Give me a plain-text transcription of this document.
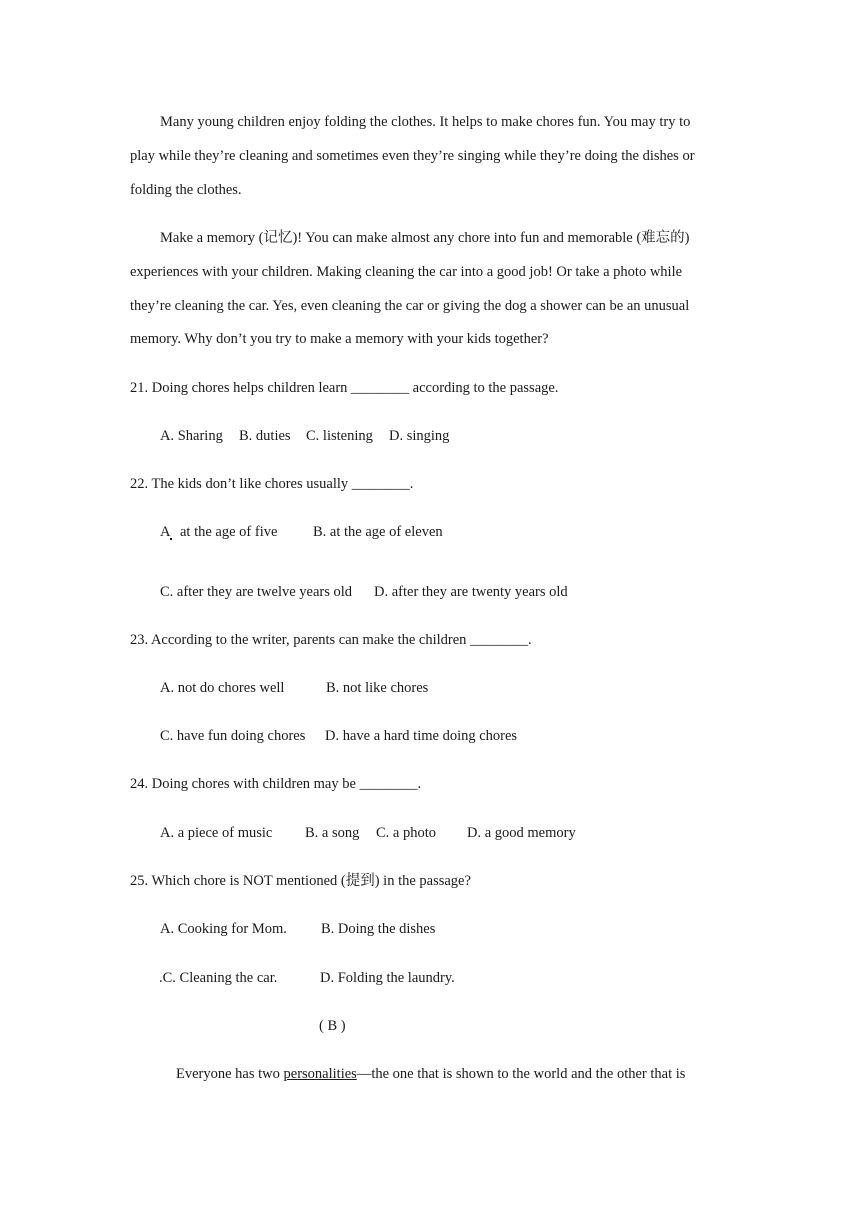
Many young children enjoy folding the clothes. It helps to make chores fun. You may try to
play while they’re cleaning and sometimes even they’re singing while they’re doing the dishes or
folding the clothes.
Make a memory (记忆)! You can make almost any chore into fun and memorable (难忘的)
experiences with your children. Making cleaning the car into a good job! Or take a photo while
they’re cleaning the car. Yes, even cleaning the car or giving the dog a shower can be an unusual
memory. Why don’t you try to make a memory with your kids together?
21. Doing chores helps children learn ________ according to the passage.
A. Sharing B. duties C. listening D. singing
22. The kids don’t like chores usually ________.
A at the age of five B. at the age of eleven
C. after they are twelve years old D. after they are twenty years old
23. According to the writer, parents can make the children ________.
A. not do chores well	B. not like chores
C. have fun doing chores D. have a hard time doing chores
24. Doing chores with children may be ________.
A. a piece of music B. a song C. a photo D. a good memory
25. Which chore is NOT mentioned (提到) in the passage?
A. Cooking for Mom. B. Doing the dishes
.C. Cleaning the car.	D. Folding the laundry.
( B )
Everyone has two personalities—the one that is shown to the world and the other that is
